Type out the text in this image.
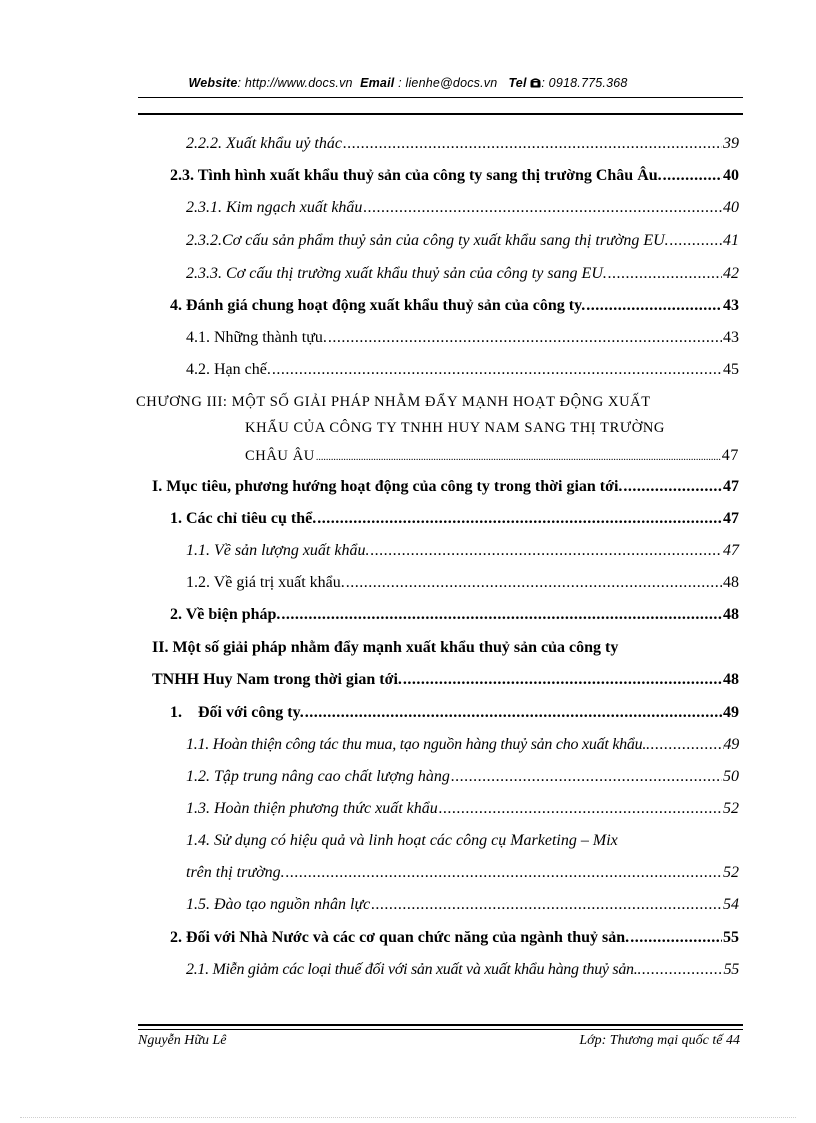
Website: http://www.docs.vn Email : lienhe@docs.vn Tel : 0918.775.368
2.2.2. Xuất khẩu uỷ thác .....	39
2.3. Tình hình xuất khẩu thuỷ sản của công ty sang thị trường Châu Âu. .....	40
2.3.1. Kim ngạch xuất khẩu .....	40
2.3.2.Cơ cấu sản phẩm thuỷ sản của công ty xuất khẩu sang thị trường EU. .....	41
2.3.3. Cơ cấu thị trường xuất khẩu thuỷ sản của công ty sang EU. .....	42
4. Đánh giá chung hoạt động xuất khẩu thuỷ sản của công ty. .....	43
4.1. Những thành tựu. .....	43
4.2. Hạn chế. .....	45
CHƯƠNG III: MỘT SỐ GIẢI PHÁP NHẰM ĐẨY MẠNH HOẠT ĐỘNG XUẤT
KHẨU CỦA CÔNG TY TNHH HUY NAM SANG THỊ TRƯỜNG
CHÂU ÂU .....	47
I. Mục tiêu, phương hướng hoạt động của công ty trong thời gian tới. .....	47
1. Các chỉ tiêu cụ thể. .....	47
1.1. Về sản lượng xuất khẩu. .....	47
1.2. Về giá trị xuất khẩu. .....	48
2. Về biện pháp. .....	48
II. Một số giải pháp nhằm đẩy mạnh xuất khẩu thuỷ sản của công ty
TNHH Huy Nam trong thời gian tới. .....	48
1.    Đối với công ty. .....	49
1.1. Hoàn thiện công tác thu mua, tạo nguồn hàng thuỷ sản cho xuất khẩu. .....	49
1.2. Tập trung nâng cao chất lượng hàng .....	50
1.3. Hoàn thiện phương thức xuất khẩu .....	52
1.4. Sử dụng có hiệu quả và linh hoạt các công cụ Marketing – Mix
trên thị trường. .....	52
1.5. Đào tạo nguồn nhân lực .....	54
2. Đối với Nhà Nước và các cơ quan chức năng của ngành thuỷ sản. .....	55
2.1. Miễn giảm các loại thuế đối với sản xuất và xuất khẩu hàng thuỷ sản. .....	55
Nguyễn Hữu Lê	Lớp: Thương mại quốc tế 44
